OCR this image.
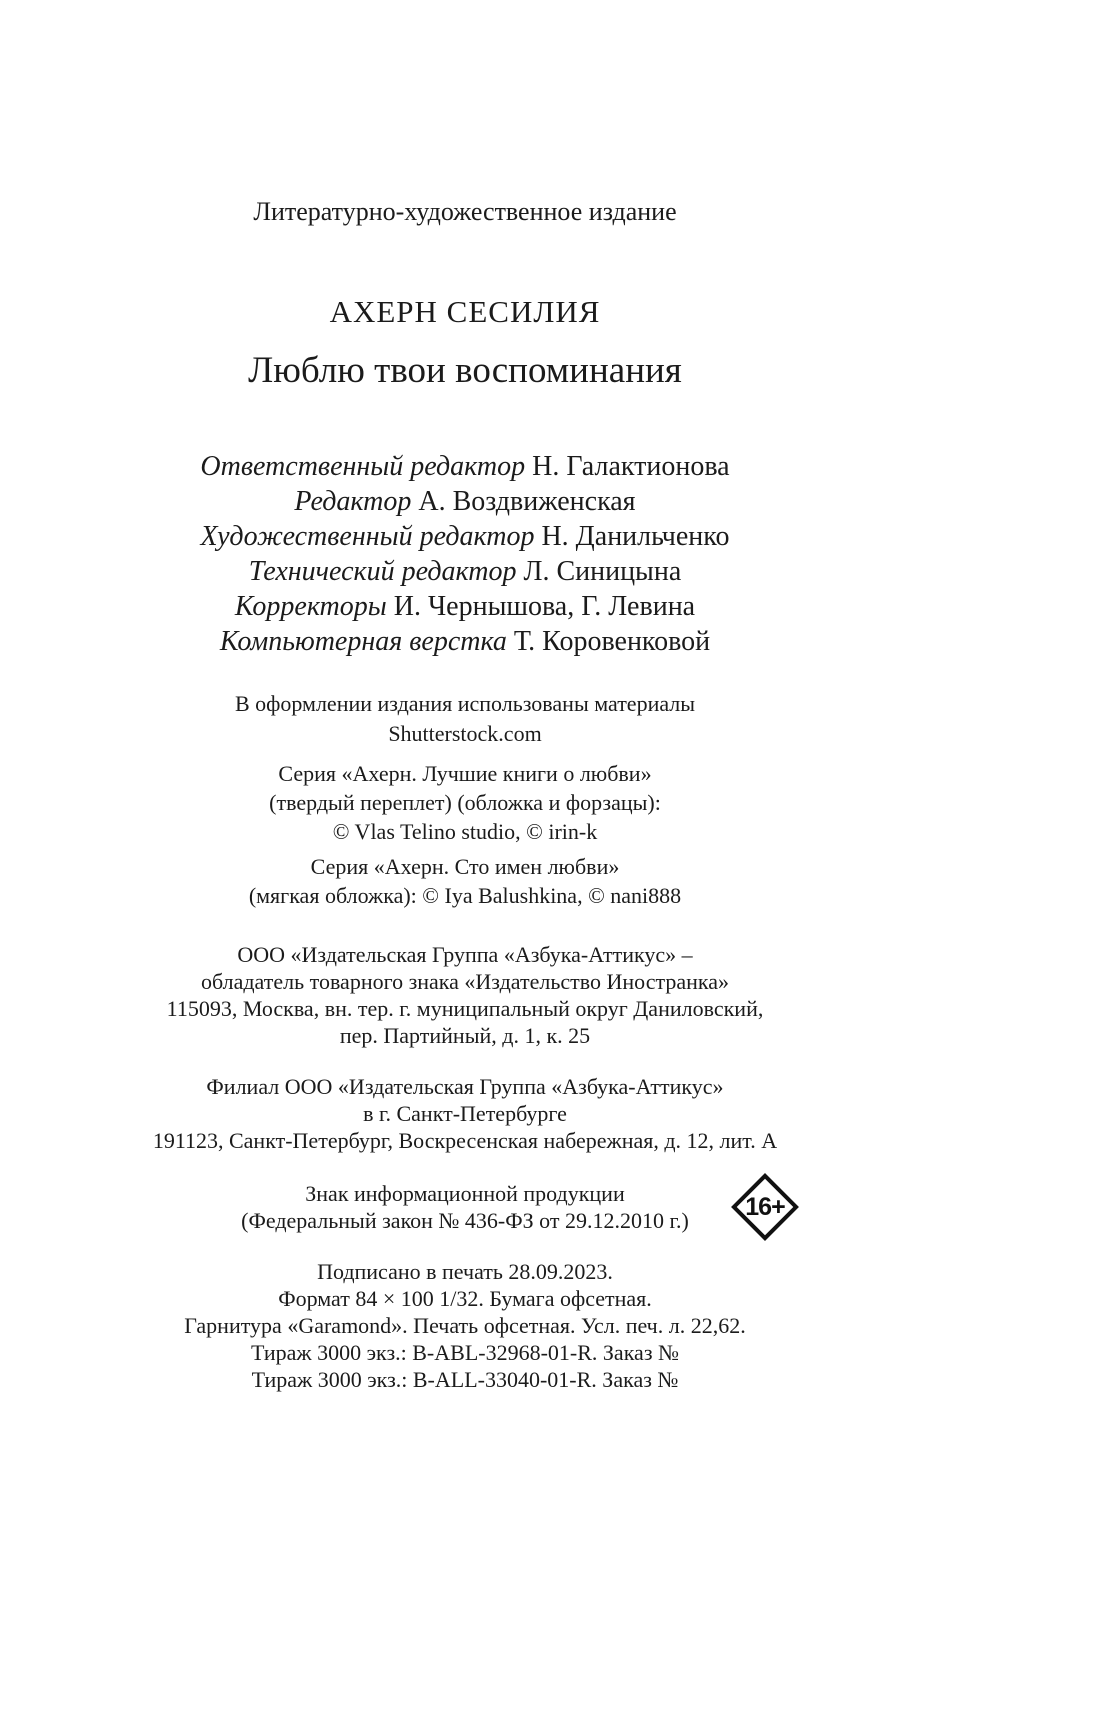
Литературно-художественное издание
АХЕРН СЕСИЛИЯ
Люблю твои воспоминания
Ответственный редактор Н. Галактионова
Редактор А. Воздвиженская
Художественный редактор Н. Данильченко
Технический редактор Л. Синицына
Корректоры И. Чернышова, Г. Левина
Компьютерная верстка Т. Коровенковой
В оформлении издания использованы материалы
Shutterstock.com
Серия «Ахерн. Лучшие книги о любви»
(твердый переплет) (обложка и форзацы):
© Vlas Telino studio, © irin-k
Серия «Ахерн. Сто имен любви»
(мягкая обложка): © Iya Balushkina, © nani888
ООО «Издательская Группа «Азбука-Аттикус» –
обладатель товарного знака «Издательство Иностранка»
115093, Москва, вн. тер. г. муниципальный округ Даниловский,
пер. Партийный, д. 1, к. 25
Филиал ООО «Издательская Группа «Азбука-Аттикус»
в г. Санкт-Петербурге
191123, Санкт-Петербург, Воскресенская набережная, д. 12, лит. А
Знак информационной продукции
(Федеральный закон № 436-ФЗ от 29.12.2010 г.)	16+
Подписано в печать 28.09.2023.
Формат 84 × 100 1/32. Бумага офсетная.
Гарнитура «Garamond». Печать офсетная. Усл. печ. л. 22,62.
Тираж 3000 экз.: B-ABL-32968-01-R. Заказ №
Тираж 3000 экз.: B-ALL-33040-01-R. Заказ №
